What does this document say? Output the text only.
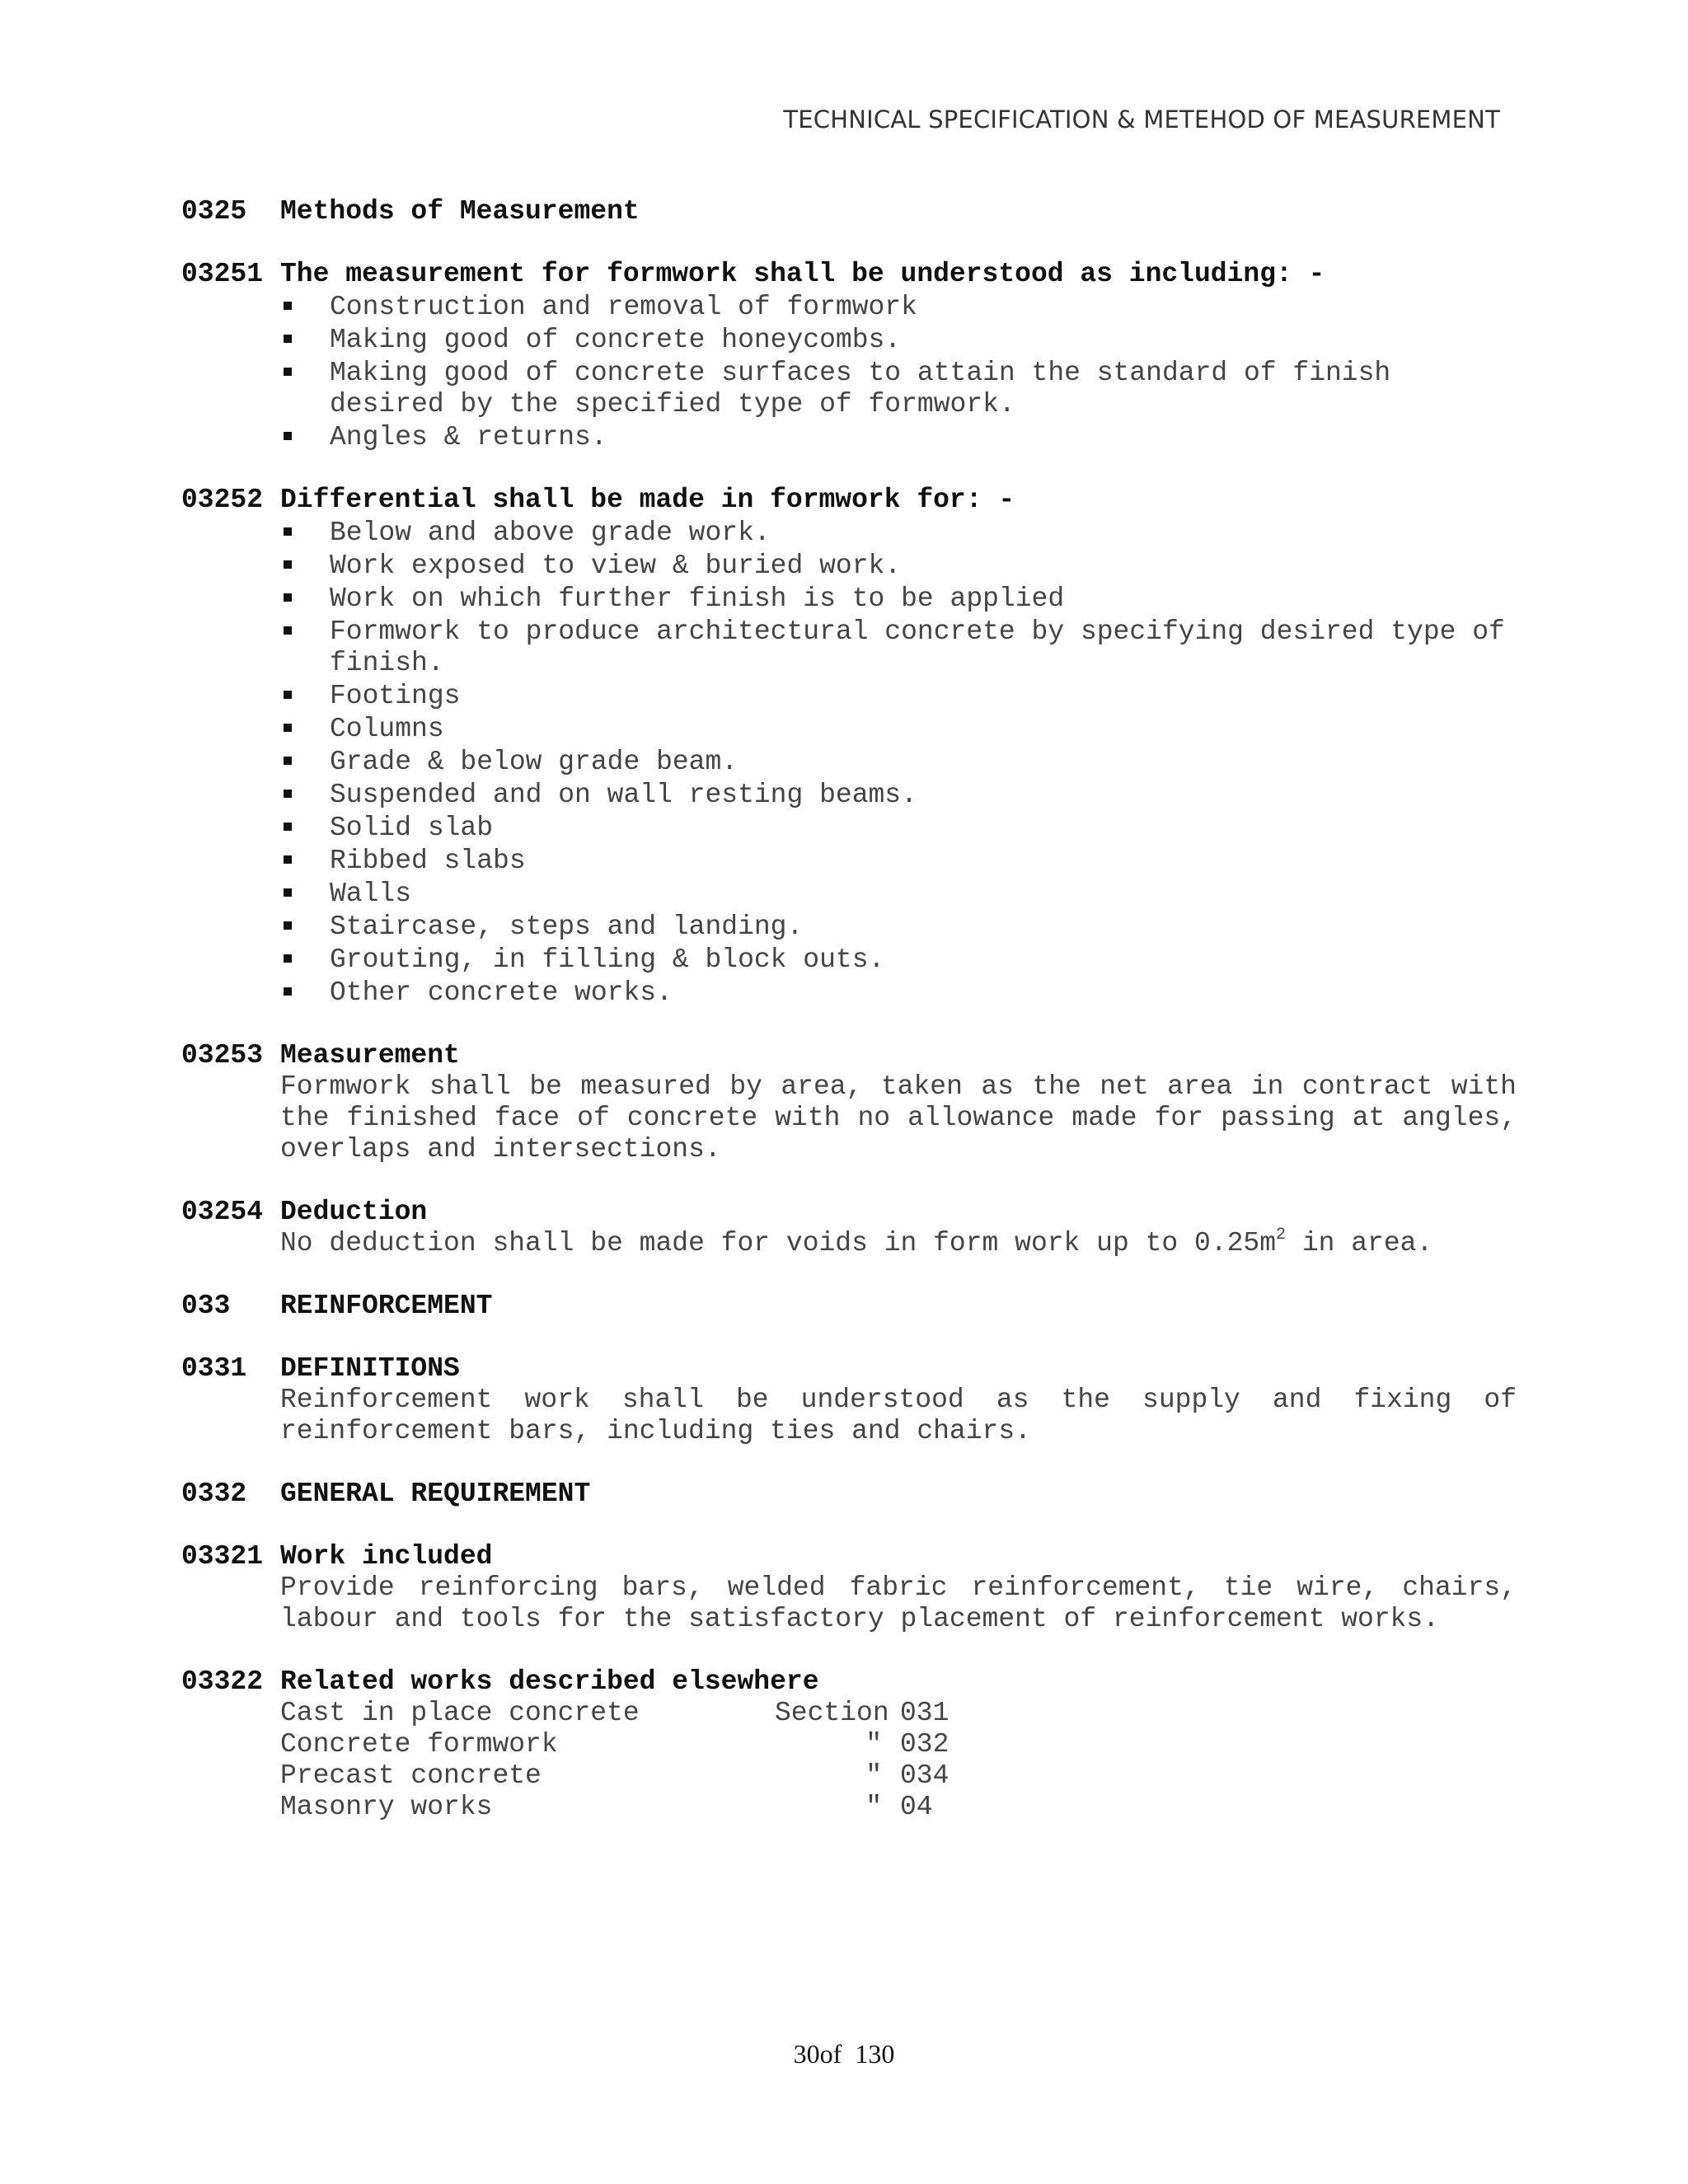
TECHNICAL SPECIFICATION & METEHOD OF MEASUREMENT
0325	Methods of Measurement
03251 The measurement for formwork shall be understood as including: -
Construction and removal of formwork
Making good of concrete honeycombs.
Making good of concrete surfaces to attain the standard of finish desired by the specified type of formwork.
Angles & returns.
03252 Differential shall be made in formwork for: -
Below and above grade work.
Work exposed to view & buried work.
Work on which further finish is to be applied
Formwork to produce architectural concrete by specifying desired type of finish.
Footings
Columns
Grade & below grade beam.
Suspended and on wall resting beams.
Solid slab
Ribbed slabs
Walls
Staircase, steps and landing.
Grouting, in filling & block outs.
Other concrete works.
03253 Measurement

Formwork shall be measured by area, taken as the net area in contract with the finished face of concrete with no allowance made for passing at angles, overlaps and intersections.

03254 Deduction

No deduction shall be made for voids in form work up to $0.25m^2$ in area.

033	REINFORCEMENT
0331	DEFINITIONS

Reinforcement work shall be understood as the supply and fixing of reinforcement bars, including ties and chairs.

0332	GENERAL REQUIREMENT
03321 Work included

Provide reinforcing bars, welded fabric reinforcement, tie wire, chairs, labour and tools for the satisfactory placement of reinforcement works.

03322 Related works described elsewhere
Cast in place concrete	Section 031
Concrete formwork	" 032
Precast concrete	" 034
Masonry works	" 04
30of 130
